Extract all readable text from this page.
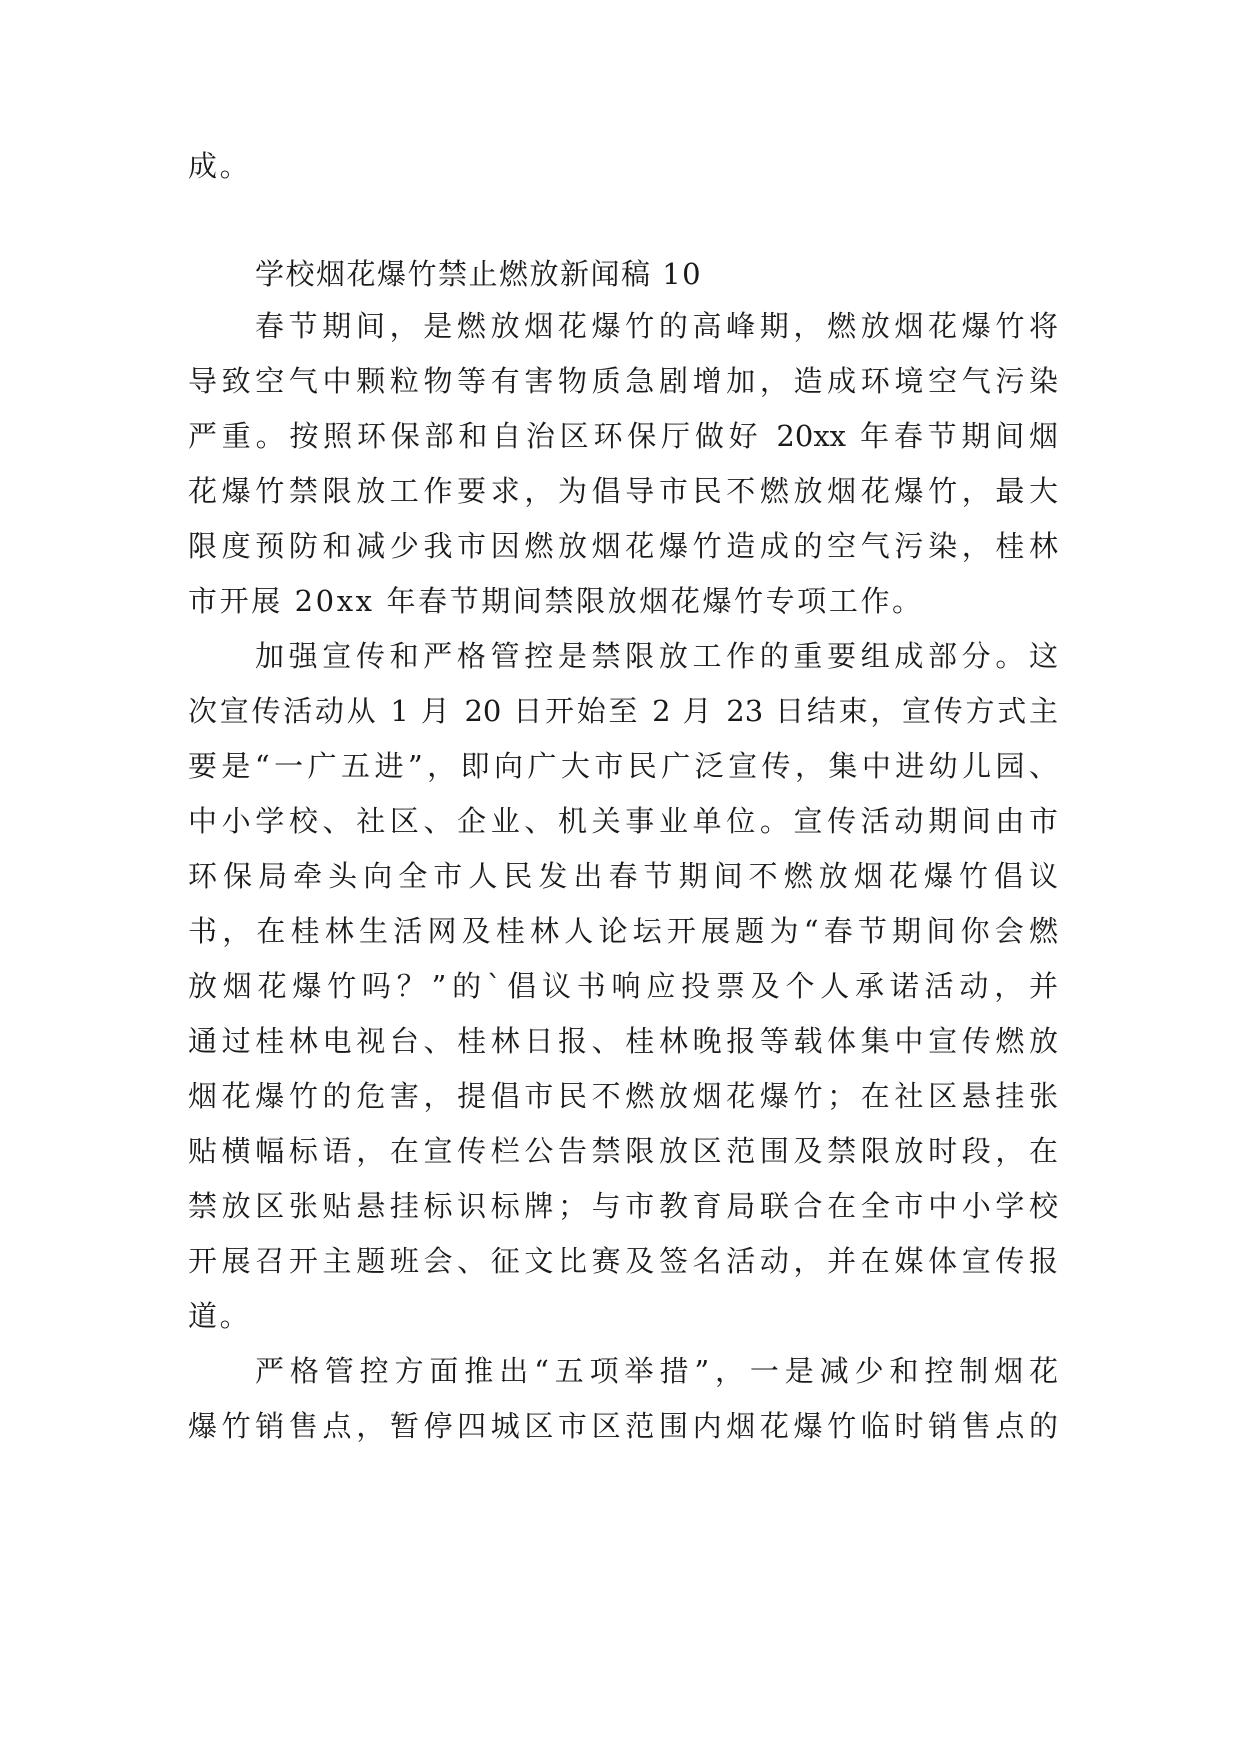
成。
学校烟花爆竹禁止燃放新闻稿 10
春节期间，是燃放烟花爆竹的高峰期，燃放烟花爆竹将
导致空气中颗粒物等有害物质急剧增加，造成环境空气污染
严重。按照环保部和自治区环保厅做好 20xx 年春节期间烟
花爆竹禁限放工作要求，为倡导市民不燃放烟花爆竹，最大
限度预防和减少我市因燃放烟花爆竹造成的空气污染，桂林
市开展 20xx 年春节期间禁限放烟花爆竹专项工作。
加强宣传和严格管控是禁限放工作的重要组成部分。这
次宣传活动从 1 月 20 日开始至 2 月 23 日结束，宣传方式主
要是“一广五进”，即向广大市民广泛宣传，集中进幼儿园、
中小学校、社区、企业、机关事业单位。宣传活动期间由市
环保局牵头向全市人民发出春节期间不燃放烟花爆竹倡议
书，在桂林生活网及桂林人论坛开展题为“春节期间你会燃
放烟花爆竹吗？”的`倡议书响应投票及个人承诺活动，并
通过桂林电视台、桂林日报、桂林晚报等载体集中宣传燃放
烟花爆竹的危害，提倡市民不燃放烟花爆竹；在社区悬挂张
贴横幅标语，在宣传栏公告禁限放区范围及禁限放时段，在
禁放区张贴悬挂标识标牌；与市教育局联合在全市中小学校
开展召开主题班会、征文比赛及签名活动，并在媒体宣传报
道。
严格管控方面推出“五项举措”，一是减少和控制烟花
爆竹销售点，暂停四城区市区范围内烟花爆竹临时销售点的
